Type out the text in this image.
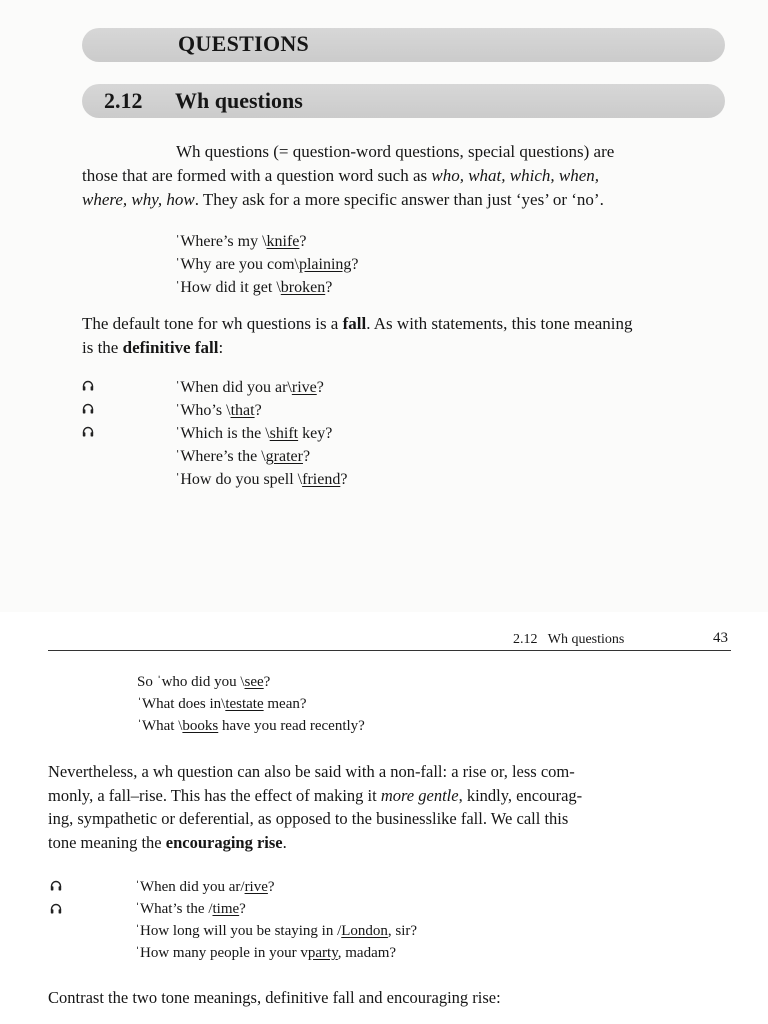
QUESTIONS
2.12 Wh questions

Wh questions (= question-word questions, special questions) are

those that are formed with a question word such as who, what, which, when,

where, why, how. They ask for a more specific answer than just ‘yes’ or ‘no’.

ˈWhere’s my \knife?
ˈWhy are you com\plaining?
ˈHow did it get \broken?

The default tone for wh questions is a fall. As with statements, this tone meaning

is the definitive fall:

ˈWhen did you ar\rive?
ˈWho’s \that?
ˈWhich is the \shift key?
ˈWhere’s the \grater?
ˈHow do you spell \friend?
2.12   Wh questions	43
So ˈwho did you \see?
ˈWhat does in\testate mean?
ˈWhat \books have you read recently?

Nevertheless, a wh question can also be said with a non-fall: a rise or, less com-

monly, a fall–rise. This has the effect of making it more gentle, kindly, encourag-

ing, sympathetic or deferential, as opposed to the businesslike fall. We call this

tone meaning the encouraging rise.

ˈWhen did you ar/rive?
ˈWhat’s the /time?
ˈHow long will you be staying in /London, sir?
ˈHow many people in your vparty, madam?
Contrast the two tone meanings, definitive fall and encouraging rise:
